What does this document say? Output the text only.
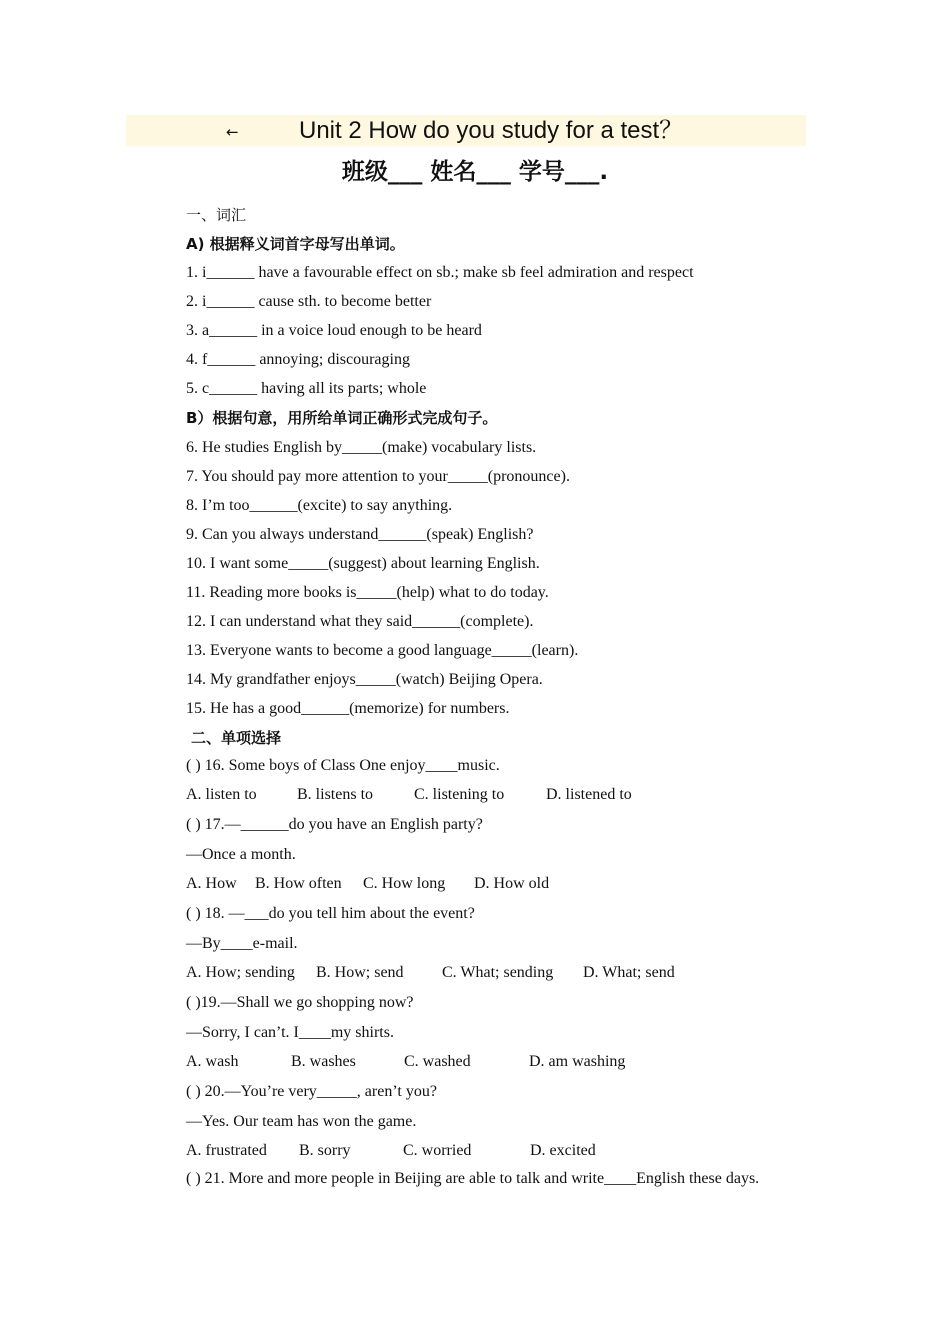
←	Unit 2 How do you study for a test？
班级___ 姓名___ 学号___.
一、词汇
A) 根据释义词首字母写出单词。
1. i______ have a favourable effect on sb.; make sb feel admiration and respect
2. i______ cause sth. to become better
3. a______ in a voice loud enough to be heard
4. f______ annoying; discouraging
5. c______ having all its parts; whole
B）根据句意，用所给单词正确形式完成句子。
6. He studies English by_____(make) vocabulary lists.
7. You should pay more attention to your_____(pronounce).
8. I’m too______(excite) to say anything.
9. Can you always understand______(speak) English?
10. I want some_____(suggest) about learning English.
11. Reading more books is_____(help) what to do today.
12. I can understand what they said______(complete).
13. Everyone wants to become a good language_____(learn).
14. My grandfather enjoys_____(watch) Beijing Opera.
15. He has a good______(memorize) for numbers.
二、单项选择
( ) 16. Some boys of Class One enjoy____music.
A. listen to	B. listens to	C. listening to	D. listened to
( ) 17.—______do you have an English party?
—Once a month.
A. How B. How often C. How long D. How old
( ) 18. —___do you tell him about the event?
—By____e-mail.
A. How; sending B. How; send C. What; sending D. What; send
( )19.—Shall we go shopping now?
—Sorry, I can’t. I____my shirts.
A. wash	B. washes	C. washed	D. am washing
( ) 20.—You’re very_____, aren’t you?
—Yes. Our team has won the game.
A. frustrated B. sorry	C. worried	D. excited
( ) 21. More and more people in Beijing are able to talk and write____English these days.
